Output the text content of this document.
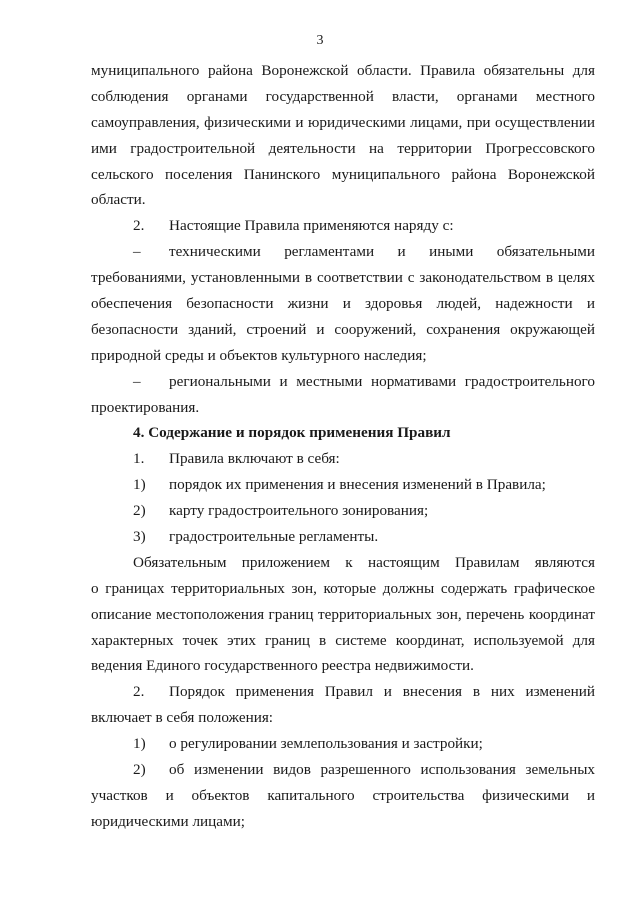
3
муниципального района Воронежской области. Правила обязательны для
соблюдения органами государственной власти, органами местного
самоуправления, физическими и юридическими лицами, при осуществлении
ими градостроительной деятельности на территории Прогрессовского
сельского поселения Панинского муниципального района Воронежской
области.
2.	Настоящие Правила применяются наряду с:
–	техническими регламентами и иными обязательными
требованиями, установленными в соответствии с законодательством в целях
обеспечения безопасности жизни и здоровья людей, надежности и
безопасности зданий, строений и сооружений, сохранения окружающей
природной среды и объектов культурного наследия;
–	региональными и местными нормативами градостроительного
проектирования.
4. Содержание и порядок применения Правил
1.	Правила включают в себя:
1)	порядок их применения и внесения изменений в Правила;
2)	карту градостроительного зонирования;
3)	градостроительные регламенты.
Обязательным приложением к настоящим Правилам являются
о границах территориальных зон, которые должны содержать графическое
описание местоположения границ территориальных зон, перечень координат
характерных точек этих границ в системе координат, используемой для
ведения Единого государственного реестра недвижимости.
2.	Порядок применения Правил и внесения в них изменений
включает в себя положения:
1)	о регулировании землепользования и застройки;
2)	об изменении видов разрешенного использования земельных
участков и объектов капитального строительства физическими и
юридическими лицами;
